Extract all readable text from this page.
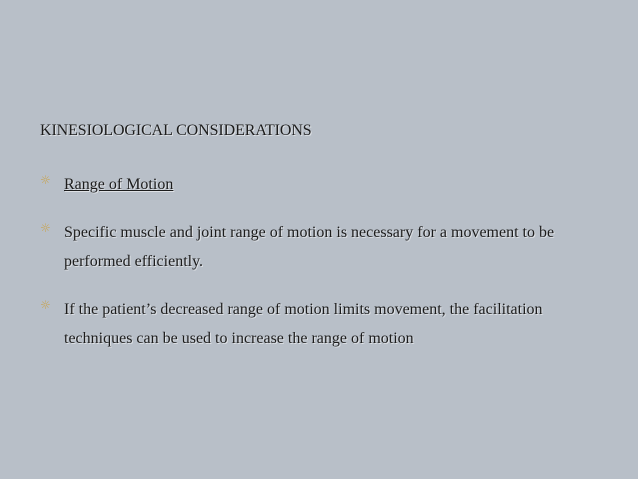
KINESIOLOGICAL CONSIDERATIONS
☼ Range of Motion
☼ Specific muscle and joint range of motion is necessary for a movement to be performed efficiently.
☼ If the patient’s decreased range of motion limits movement, the facilitation techniques can be used to increase the range of motion
